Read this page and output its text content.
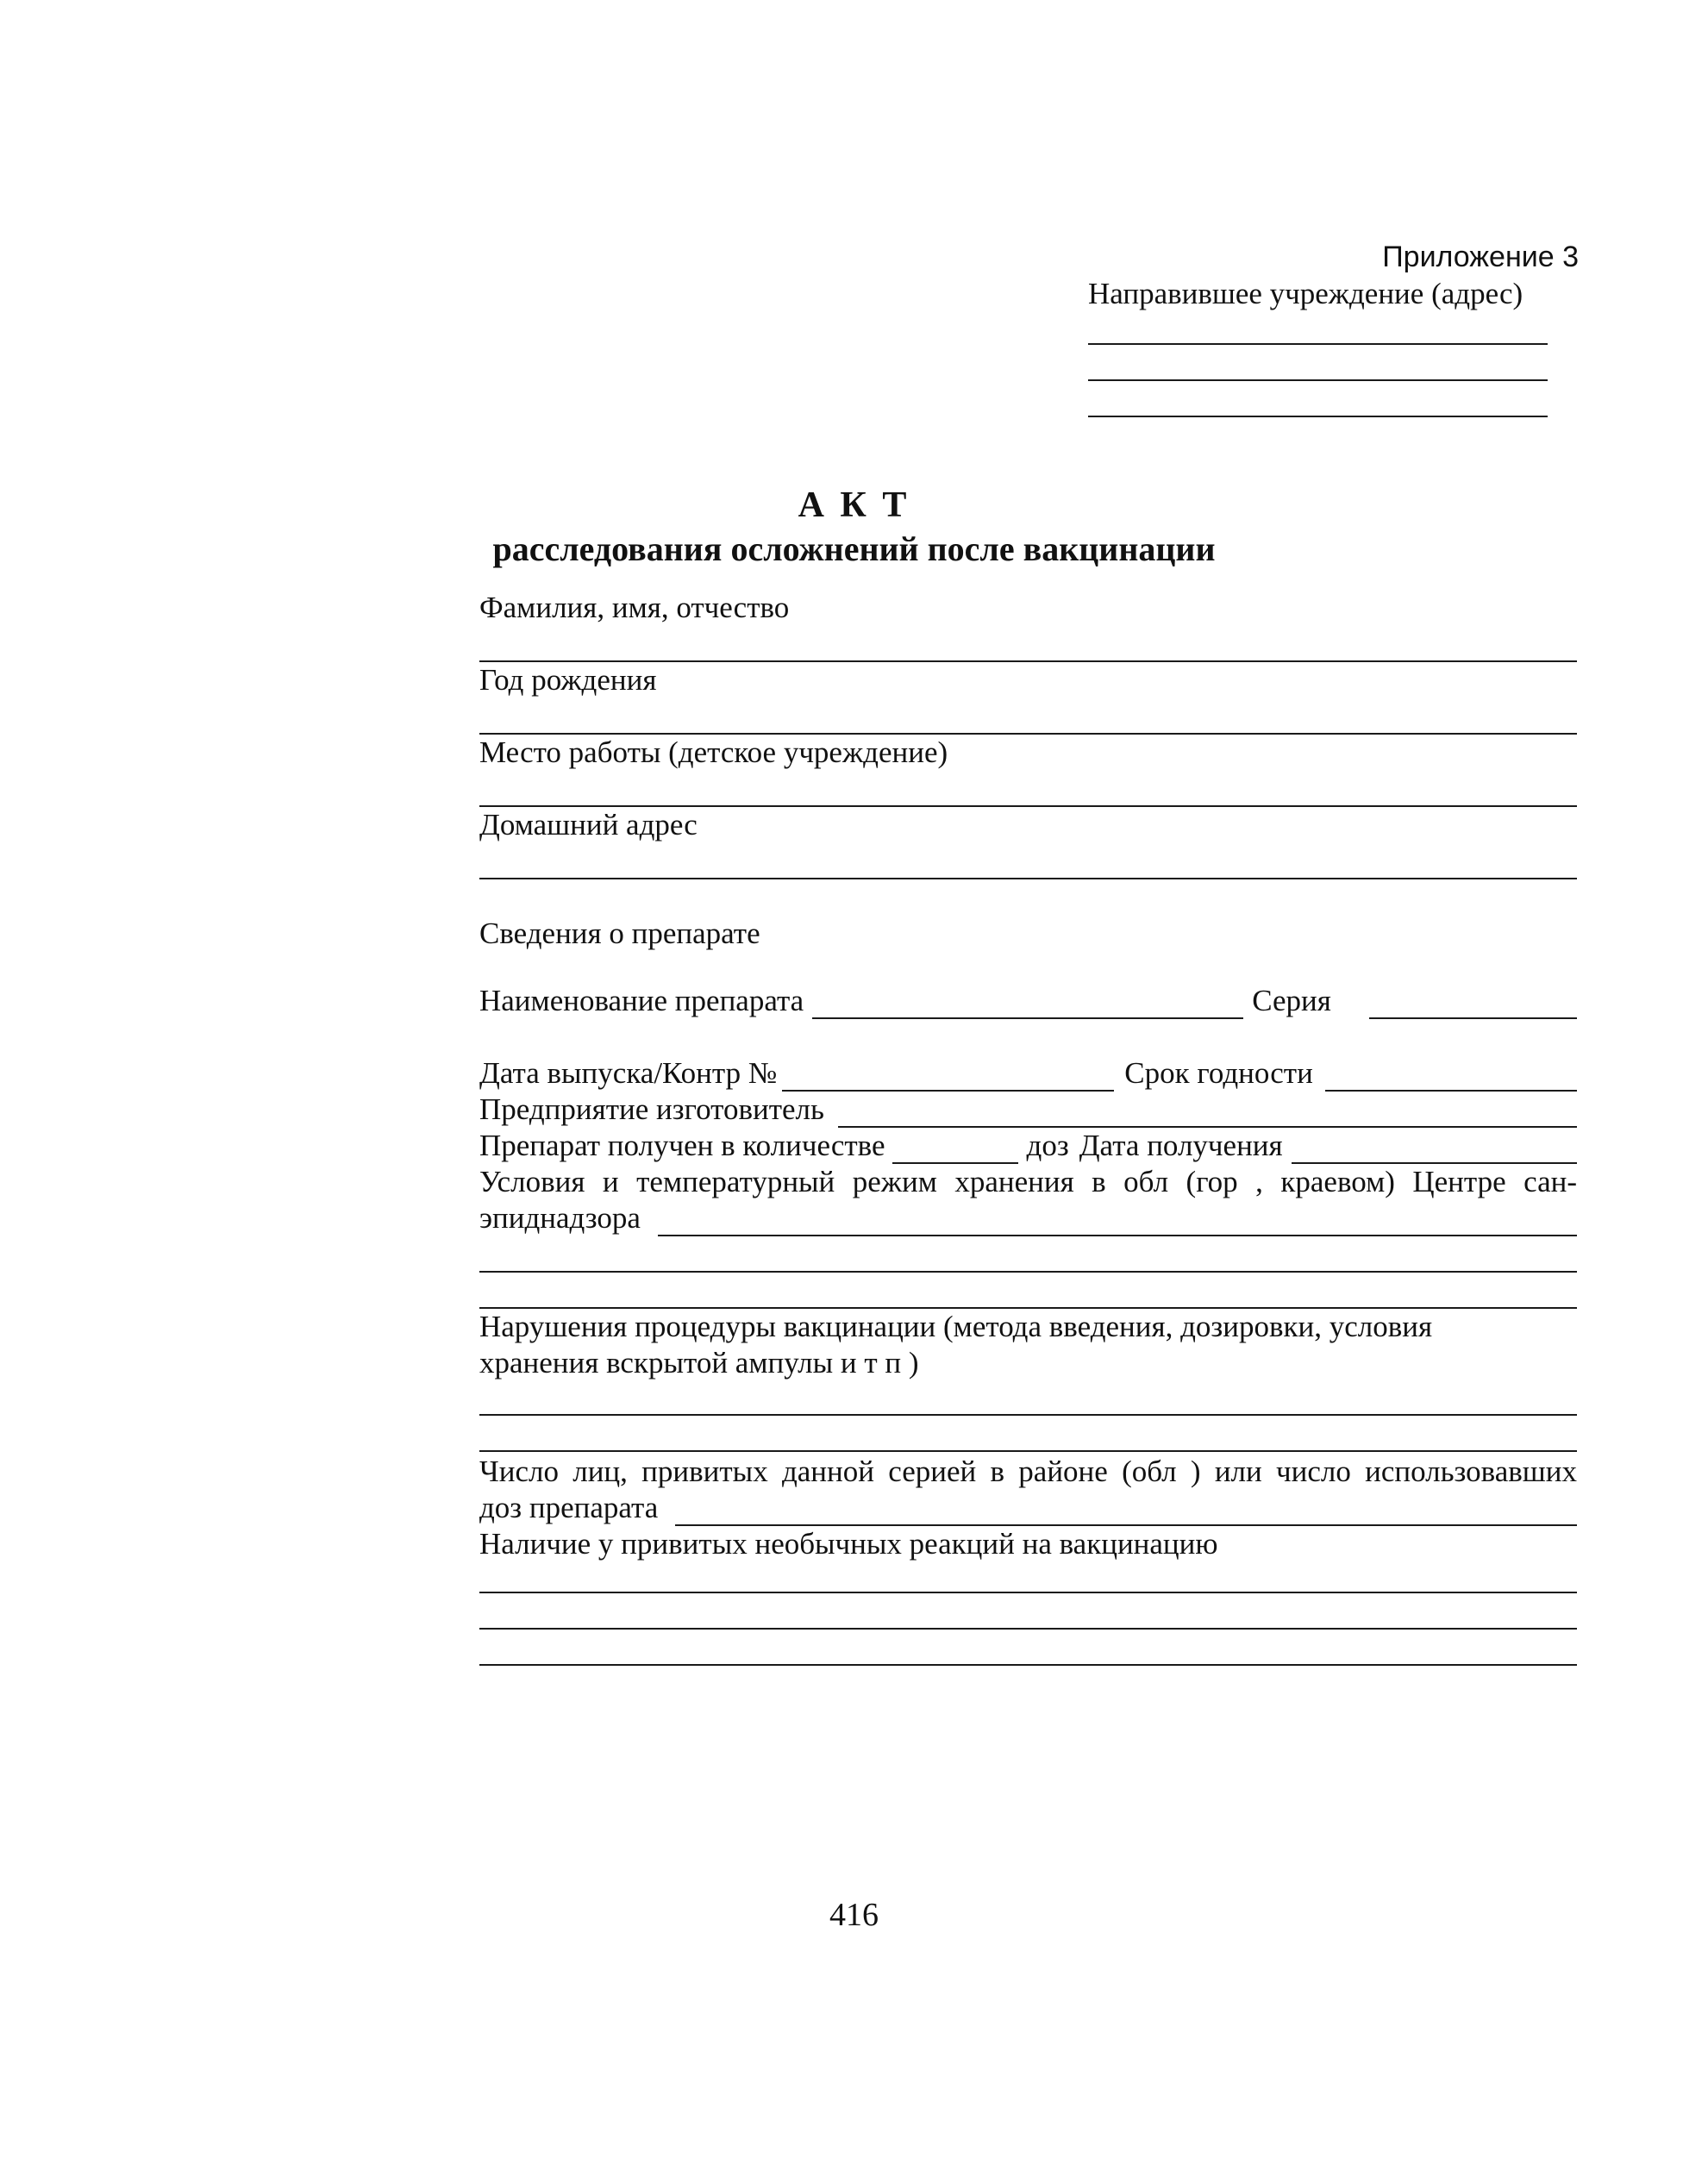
Приложение 3
Направившее учреждение (адрес)
А К Т
расследования осложнений после вакцинации
Фамилия, имя, отчество
Год рождения
Место работы (детское учреждение)
Домашний адрес
Сведения о препарате
Наименование препарата	Серия
Дата выпуска/Контр №	Срок годности
Предприятие изготовитель
Препарат получен в количестве	доз Дата получения
Условия и температурный режим хранения в обл (гор , краевом) Центре сан-
эпиднадзора
Нарушения процедуры вакцинации (метода введения, дозировки, условия
хранения вскрытой ампулы и т п )
Число лиц, привитых данной серией в районе (обл ) или число использовавших
доз препарата
Наличие у привитых необычных реакций на вакцинацию
416
